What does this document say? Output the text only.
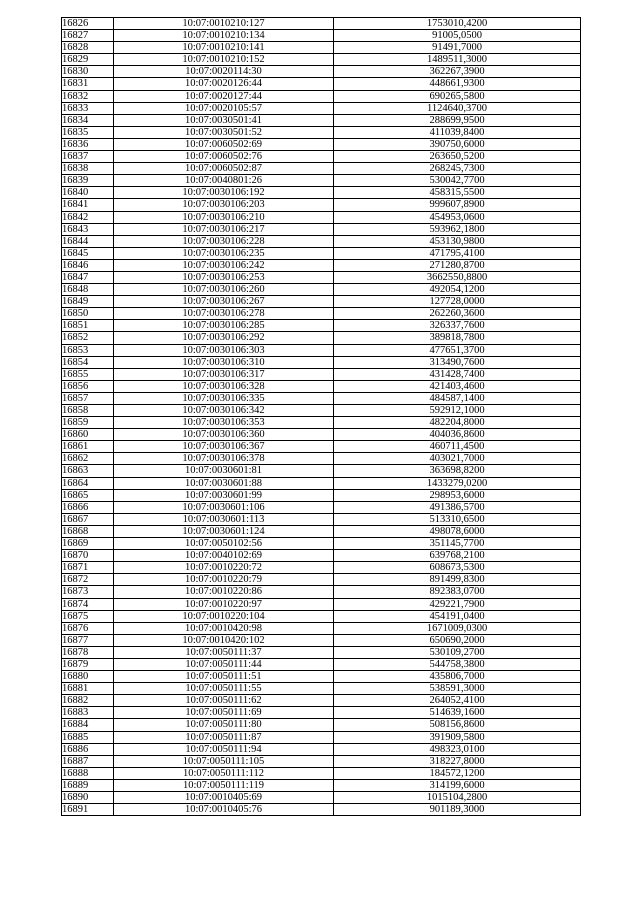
16826	10:07:0010210:127	1753010,4200
16827	10:07:0010210:134	91005,0500
16828	10:07:0010210:141	91491,7000
16829	10:07:0010210:152	1489511,3000
16830	10:07:0020114:30	362267,3900
16831	10:07:0020126:44	448661,9300
16832	10:07:0020127:44	690265,5800
16833	10:07:0020105:57	1124640,3700
16834	10:07:0030501:41	288699,9500
16835	10:07:0030501:52	411039,8400
16836	10:07:0060502:69	390750,6000
16837	10:07:0060502:76	263650,5200
16838	10:07:0060502:87	268245,7300
16839	10:07:0040801:26	530042,7700
16840	10:07:0030106:192	458315,5500
16841	10:07:0030106:203	999607,8900
16842	10:07:0030106:210	454953,0600
16843	10:07:0030106:217	593962,1800
16844	10:07:0030106:228	453130,9800
16845	10:07:0030106:235	471795,4100
16846	10:07:0030106:242	271280,8700
16847	10:07:0030106:253	3662550,8800
16848	10:07:0030106:260	492054,1200
16849	10:07:0030106:267	127728,0000
16850	10:07:0030106:278	262260,3600
16851	10:07:0030106:285	326337,7600
16852	10:07:0030106:292	389818,7800
16853	10:07:0030106:303	477651,3700
16854	10:07:0030106:310	313490,7600
16855	10:07:0030106:317	431428,7400
16856	10:07:0030106:328	421403,4600
16857	10:07:0030106:335	484587,1400
16858	10:07:0030106:342	592912,1000
16859	10:07:0030106:353	482204,8000
16860	10:07:0030106:360	404036,8600
16861	10:07:0030106:367	460711,4500
16862	10:07:0030106:378	403021,7000
16863	10:07:0030601:81	363698,8200
16864	10:07:0030601:88	1433279,0200
16865	10:07:0030601:99	298953,6000
16866	10:07:0030601:106	491386,5700
16867	10:07:0030601:113	513310,6500
16868	10:07:0030601:124	498078,6000
16869	10:07:0050102:56	351145,7700
16870	10:07:0040102:69	639768,2100
16871	10:07:0010220:72	608673,5300
16872	10:07:0010220:79	891499,8300
16873	10:07:0010220:86	892383,0700
16874	10:07:0010220:97	429221,7900
16875	10:07:0010220:104	454191,0400
16876	10:07:0010420:98	1671009,0300
16877	10:07:0010420:102	650690,2000
16878	10:07:0050111:37	530109,2700
16879	10:07:0050111:44	544758,3800
16880	10:07:0050111:51	435806,7000
16881	10:07:0050111:55	538591,3000
16882	10:07:0050111:62	264052,4100
16883	10:07:0050111:69	514639,1600
16884	10:07:0050111:80	508156,8600
16885	10:07:0050111:87	391909,5800
16886	10:07:0050111:94	498323,0100
16887	10:07:0050111:105	318227,8000
16888	10:07:0050111:112	184572,1200
16889	10:07:0050111:119	314199,6000
16890	10:07:0010405:69	1015104,2800
16891	10:07:0010405:76	901189,3000
